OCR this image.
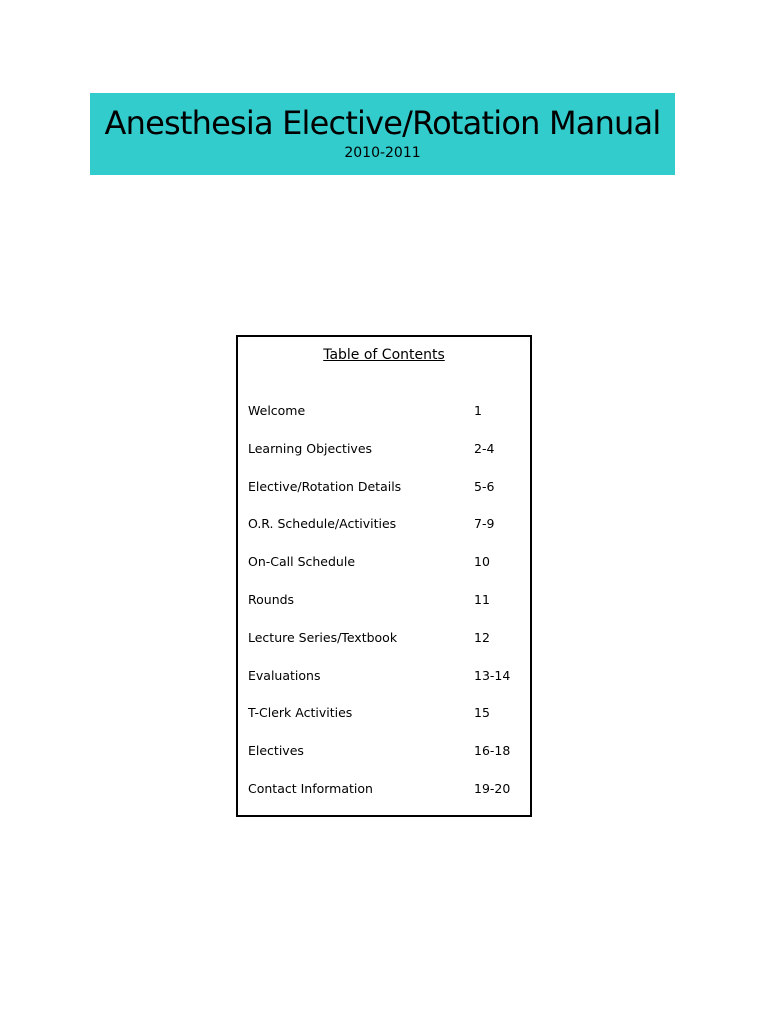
Anesthesia Elective/Rotation Manual
2010-2011
Table of Contents
Welcome	1
Learning Objectives	2-4
Elective/Rotation Details	5-6
O.R. Schedule/Activities	7-9
On-Call Schedule	10
Rounds	11
Lecture Series/Textbook	12
Evaluations	13-14
T-Clerk Activities	15
Electives	16-18
Contact Information	19-20
